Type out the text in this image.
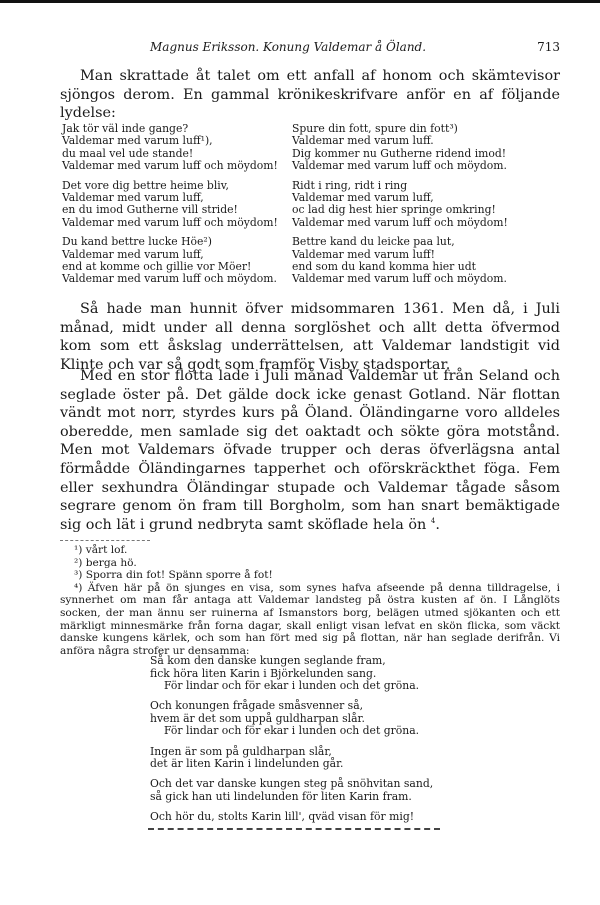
Magnus Eriksson. Konung Valdemar å Öland.	713

Man skrattade åt talet om ett anfall af honom och skämtevisor sjöngos derom. En gammal krönikeskrifvare anför en af följande lydelse:

Jak tör väl inde gange?
Valdemar med varum luff¹),
du maal vel ude stande!
Valdemar med varum luff och möydom!
Det vore dig bettre heime bliv,
Valdemar med varum luff,
en du imod Gutherne vill stride!
Valdemar med varum luff och möydom!
Du kand bettre lucke Höe²)
Valdemar med varum luff,
end at komme och gillie vor Möer!
Valdemar med varum luff och möydom.
Spure din fott, spure din fott³)
Valdemar med varum luff.
Dig kommer nu Gutherne ridend imod!
Valdemar med varum luff och möydom.
Ridt i ring, ridt i ring
Valdemar med varum luff,
oc lad dig hest hier springe omkring!
Valdemar med varum luff och möydom!
Bettre kand du leicke paa lut,
Valdemar med varum luff!
end som du kand komma hier udt
Valdemar med varum luff och möydom.

Så hade man hunnit öfver midsommaren 1361. Men då, i Juli månad, midt under all denna sorglöshet och allt detta öfvermod kom som ett åskslag underrättelsen, att Valdemar landstigit vid Klinte och var så godt som framför Visby stadsportar.

Med en stor flotta lade i Juli månad Valdemar ut från Seland och seglade öster på. Det gälde dock icke genast Gotland. När flottan vändt mot norr, styrdes kurs på Öland. Öländingarne voro alldeles oberedde, men samlade sig det oaktadt och sökte göra motstånd. Men mot Valdemars öfvade trupper och deras öfverlägsna antal förmådde Öländingarnes tapperhet och oförskräckthet föga. Fem eller sexhundra Öländingar stupade och Valdemar tågade såsom segrare genom ön fram till Borgholm, som han snart bemäktigade sig och lät i grund nedbryta samt sköflade hela ön $^4$.

¹) vårt lof.
²) berga hö.
³) Sporra din fot! Spänn sporre å fot!
⁴) Äfven här på ön sjunges en visa, som synes hafva afseende på denna tilldragelse, i synnerhet om man får antaga att Valdemar landsteg på östra kusten af ön. I Långlöts socken, der man ännu ser ruinerna af Ismanstors borg, belägen utmed sjökanten och ett märkligt minnesmärke från forna dagar, skall enligt visan lefvat en skön flicka, som väckt danske kungens kärlek, och som han fört med sig på flottan, när han seglade derifrån. Vi anföra några strofer ur densamma:
Så kom den danske kungen seglande fram,
fick höra liten Karin i Björkelunden sang.
För lindar och för ekar i lunden och det gröna.
Och konungen frågade småsvenner så,
hvem är det som uppå guldharpan slår.
För lindar och för ekar i lunden och det gröna.
Ingen är som på guldharpan slår,
det är liten Karin i lindelunden går.
Och det var danske kungen steg på snöhvitan sand,
så gick han uti lindelunden för liten Karin fram.
Och hör du, stolts Karin lill', qväd visan för mig!
